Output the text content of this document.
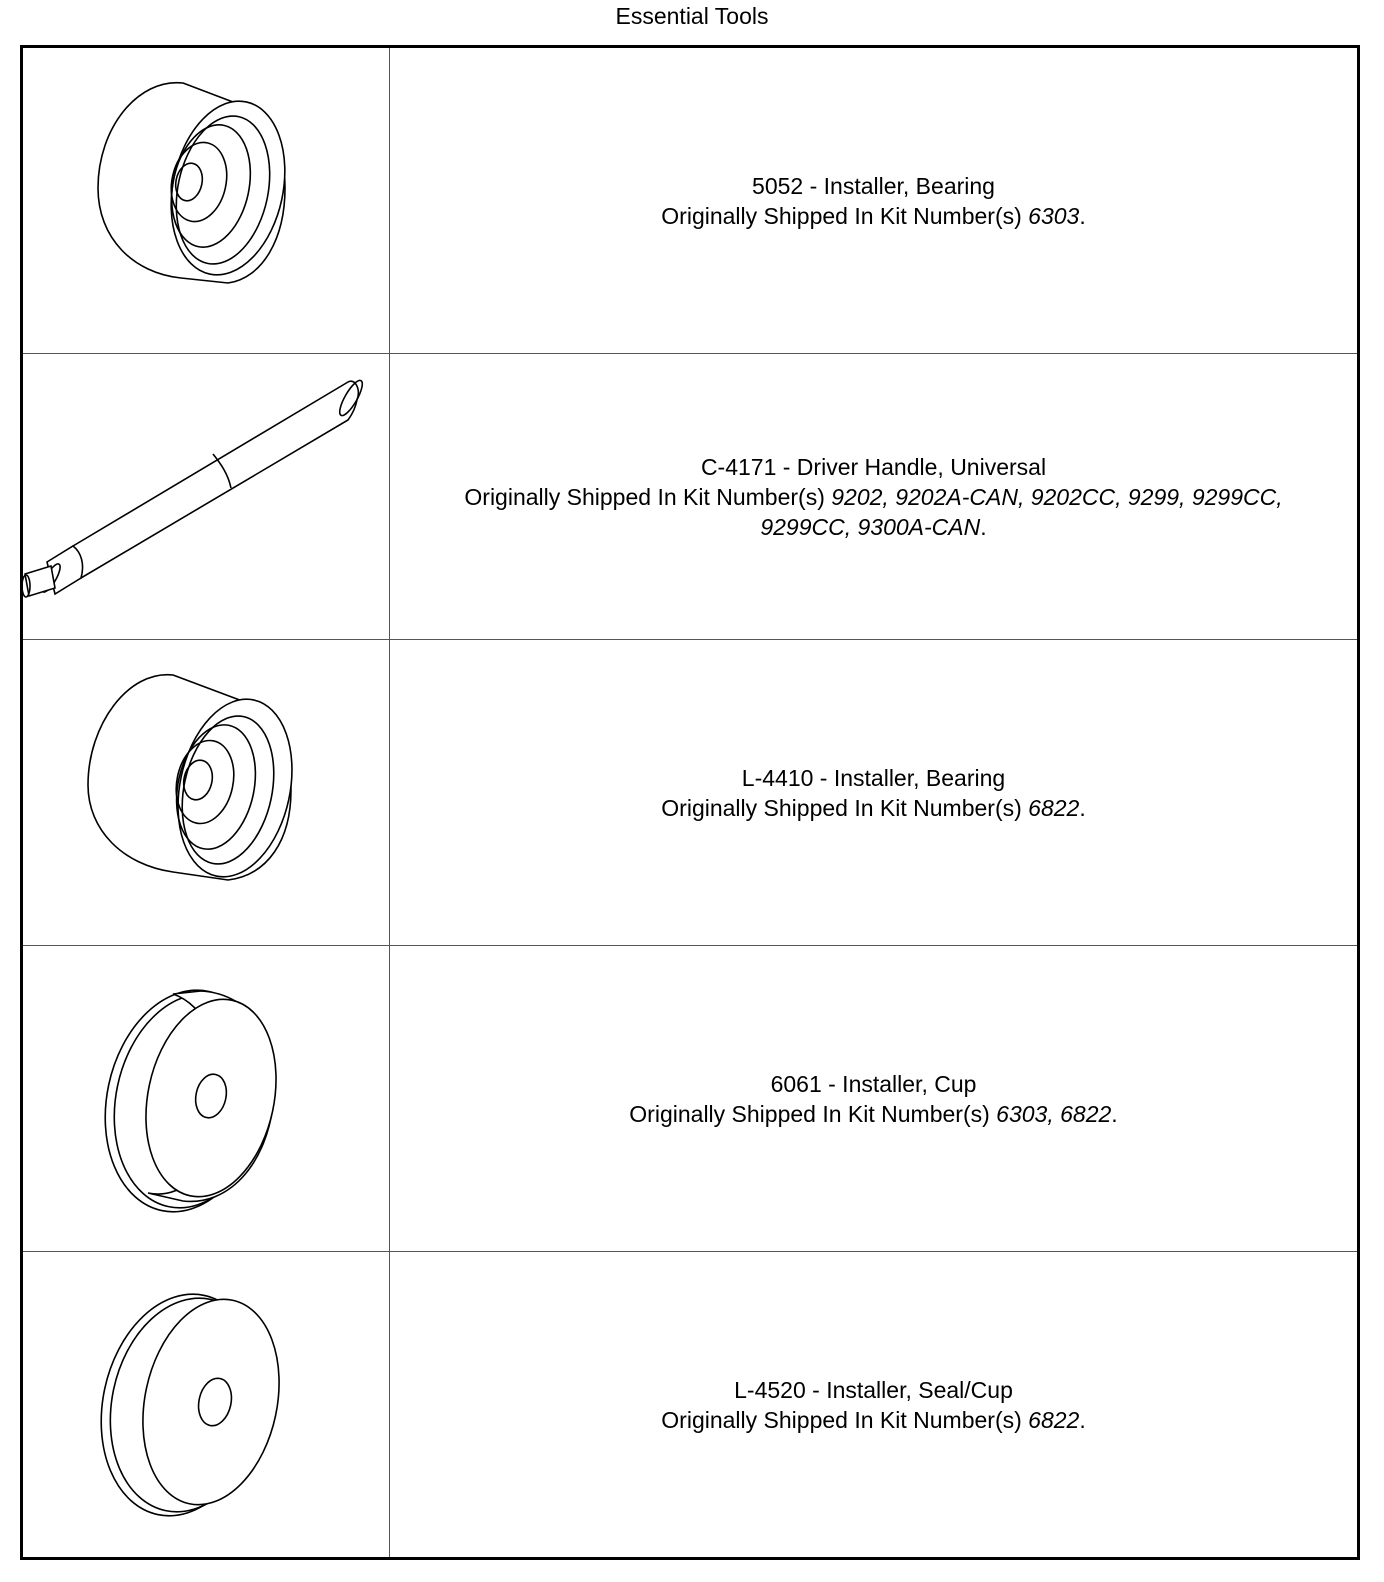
Essential Tools
5052 - Installer, Bearing
Originally Shipped In Kit Number(s) 6303.
C-4171 - Driver Handle, Universal
Originally Shipped In Kit Number(s) 9202, 9202A-CAN, 9202CC, 9299, 9299CC,
9299CC, 9300A-CAN.
L-4410 - Installer, Bearing
Originally Shipped In Kit Number(s) 6822.
6061 - Installer, Cup
Originally Shipped In Kit Number(s) 6303, 6822.
L-4520 - Installer, Seal/Cup
Originally Shipped In Kit Number(s) 6822.
